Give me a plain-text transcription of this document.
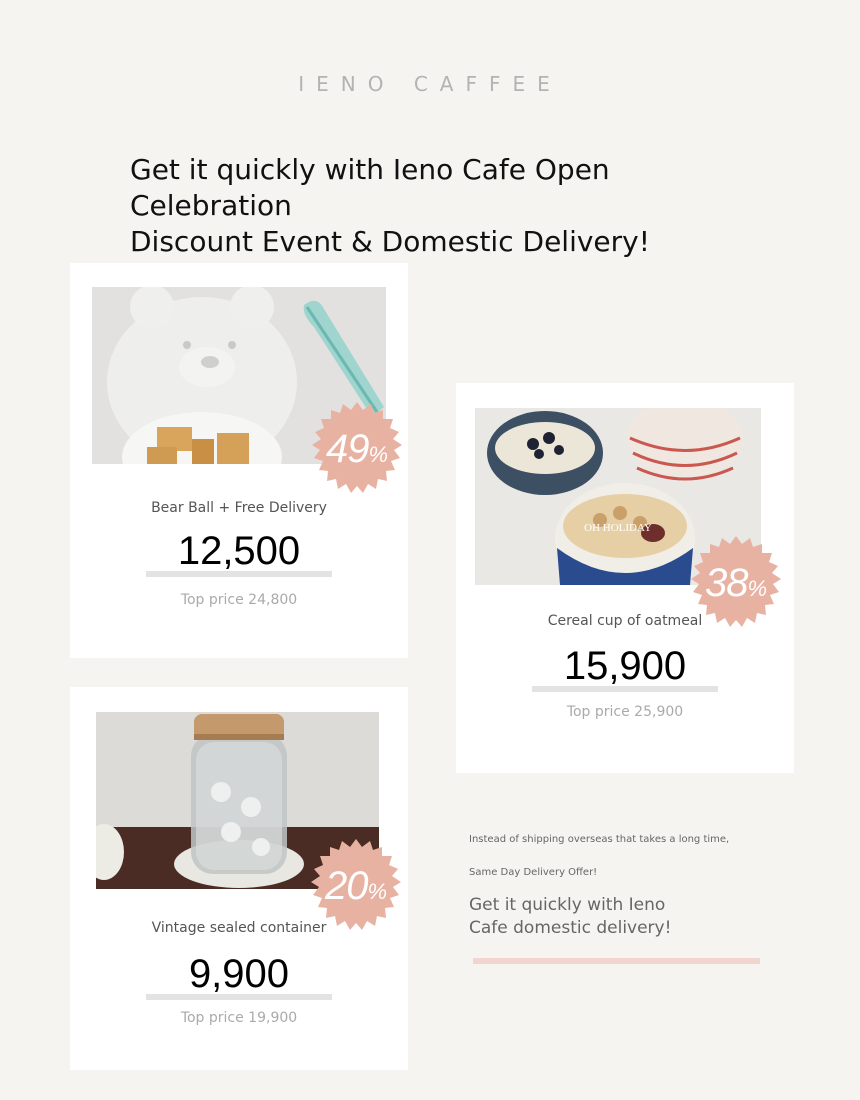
IENO CAFFEE
Get it quickly with Ieno Cafe Open Celebration
Discount Event & Domestic Delivery!
49 %
Bear Ball + Free Delivery
12,500
Top price 24,800
OH HOLIDAY
38 %
Cereal cup of oatmeal
15,900
Top price 25,900
20 %
Vintage sealed container
9,900
Top price 19,900
Instead of shipping overseas that takes a long time,
Same Day Delivery Offer!
Get it quickly with Ieno
Cafe domestic delivery!
